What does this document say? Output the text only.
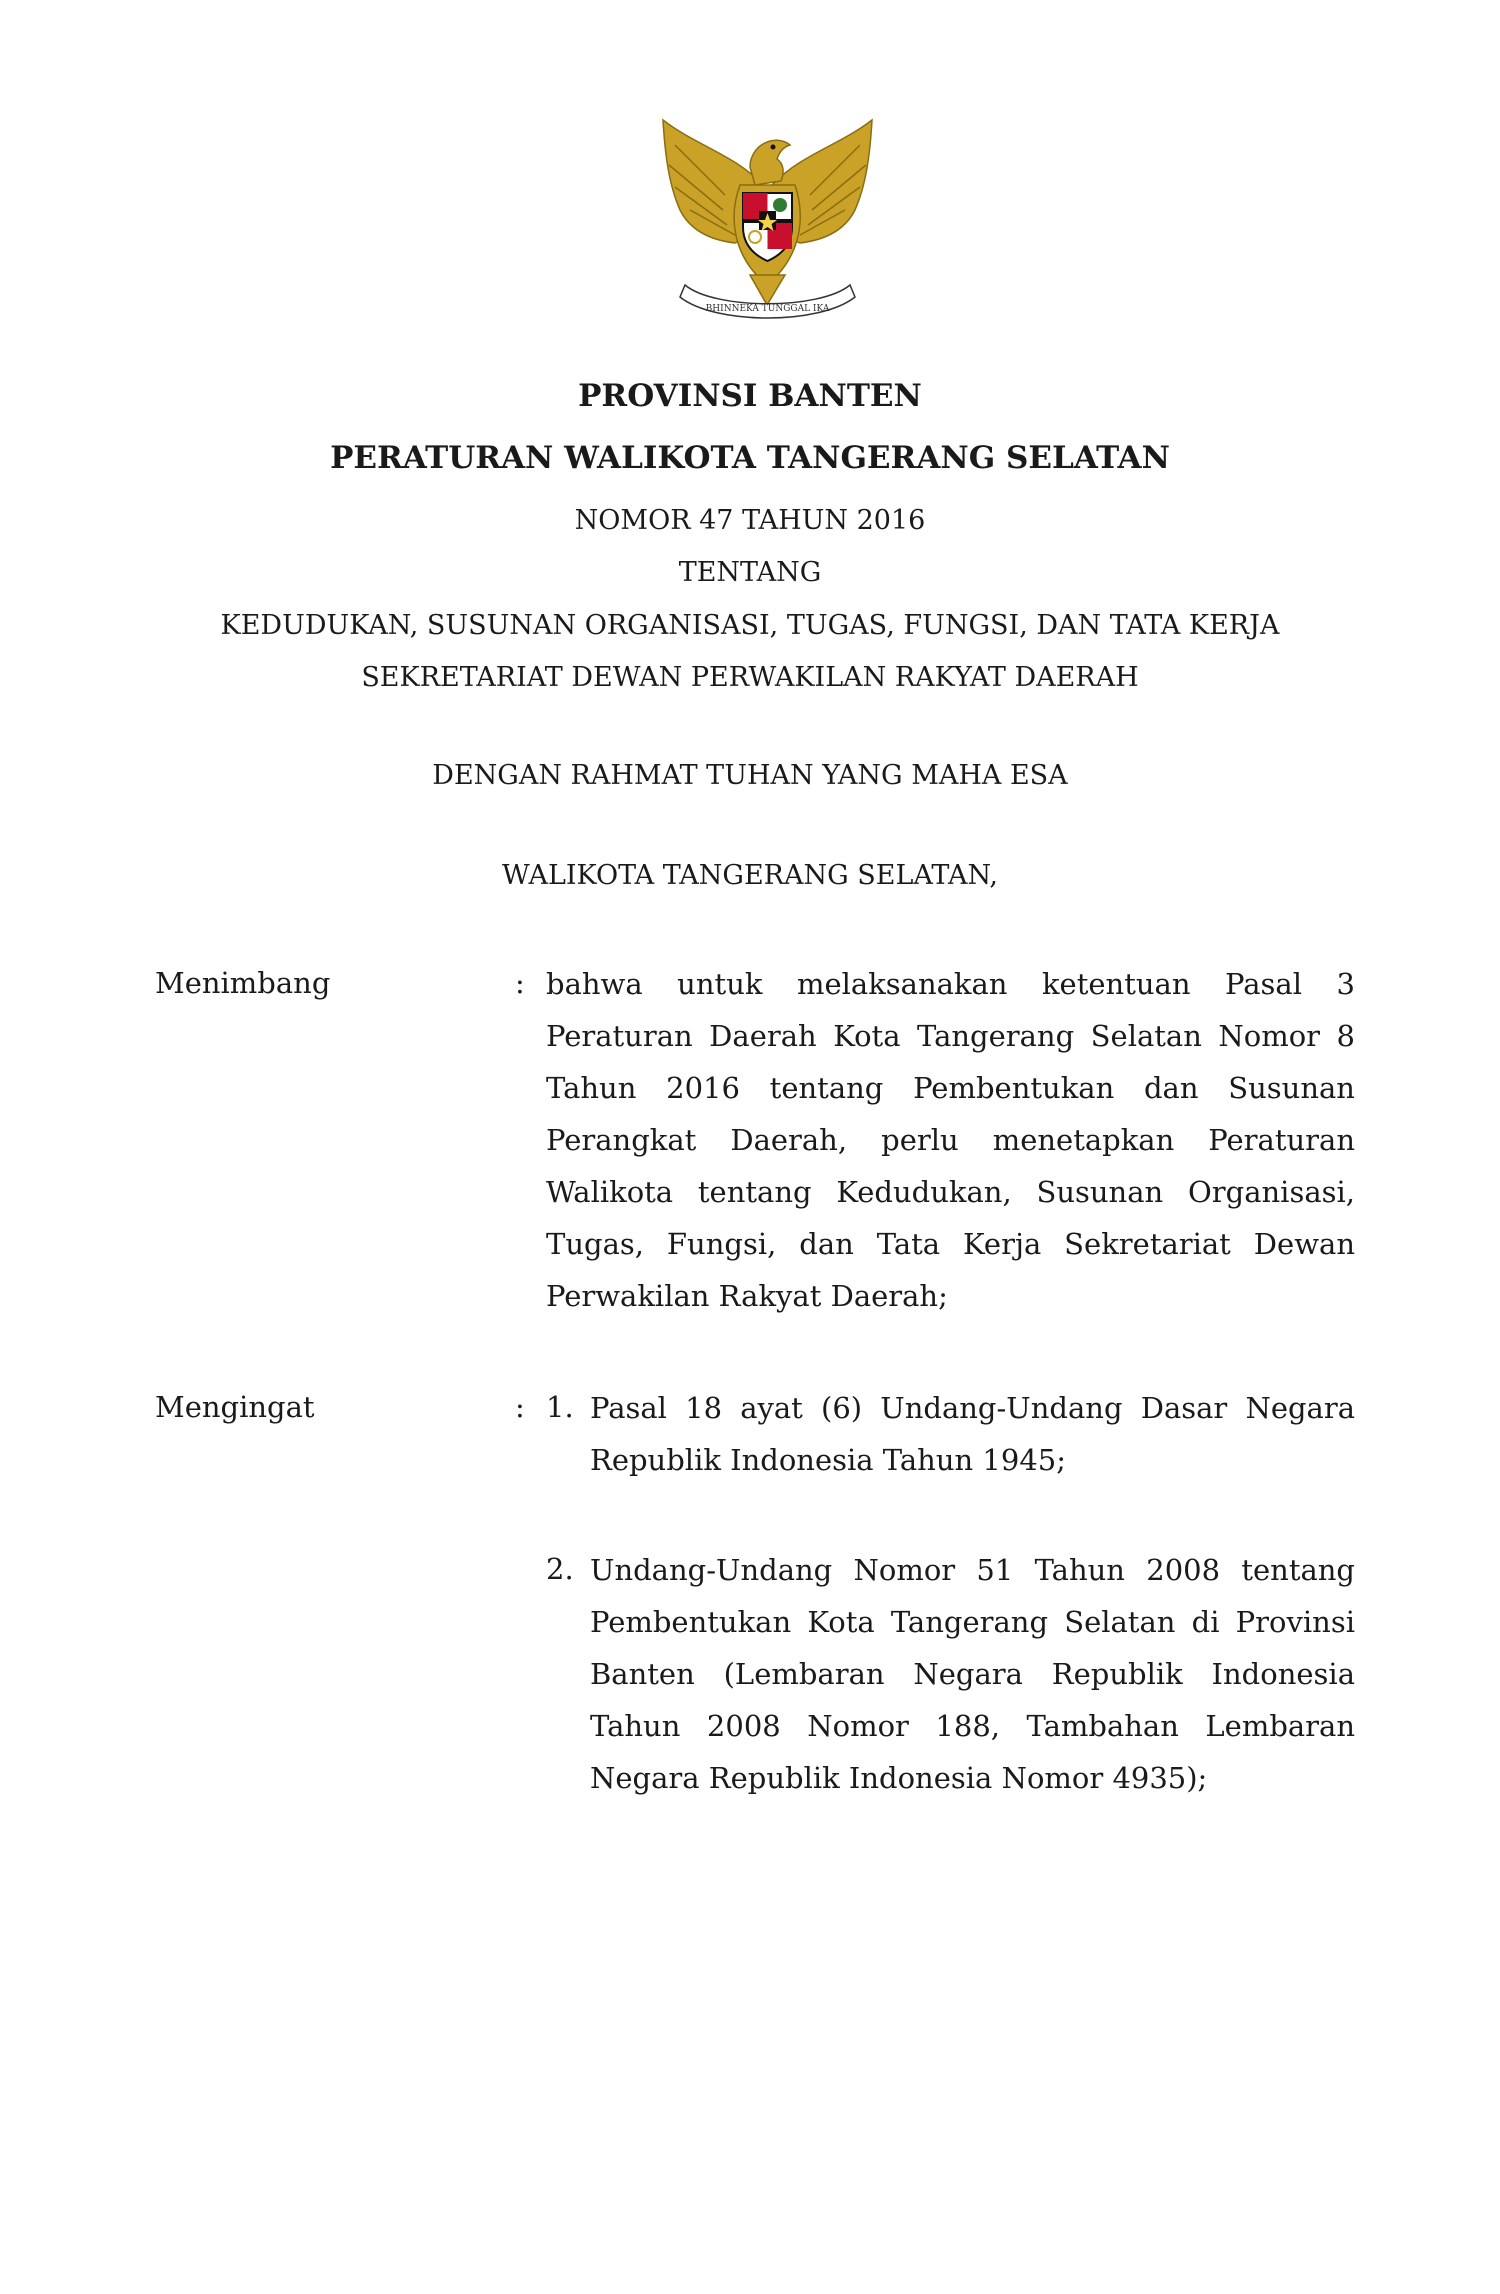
BHINNEKA TUNGGAL IKA
PROVINSI BANTEN
PERATURAN WALIKOTA TANGERANG SELATAN
NOMOR 47 TAHUN 2016
TENTANG
KEDUDUKAN, SUSUNAN ORGANISASI, TUGAS, FUNGSI, DAN TATA KERJA
SEKRETARIAT DEWAN PERWAKILAN RAKYAT DAERAH
DENGAN RAHMAT TUHAN YANG MAHA ESA
WALIKOTA TANGERANG SELATAN,
Menimbang	: bahwa untuk melaksanakan ketentuan Pasal 3
Peraturan Daerah Kota Tangerang Selatan Nomor 8
Tahun 2016 tentang Pembentukan dan Susunan
Perangkat Daerah, perlu menetapkan Peraturan
Walikota tentang Kedudukan, Susunan Organisasi,
Tugas, Fungsi, dan Tata Kerja Sekretariat Dewan
Perwakilan Rakyat Daerah;
Mengingat	: 1. Pasal 18 ayat (6) Undang-Undang Dasar Negara
Republik Indonesia Tahun 1945;
2. Undang-Undang Nomor 51 Tahun 2008 tentang
Pembentukan Kota Tangerang Selatan di Provinsi
Banten (Lembaran Negara Republik Indonesia
Tahun 2008 Nomor 188, Tambahan Lembaran
Negara Republik Indonesia Nomor 4935);
